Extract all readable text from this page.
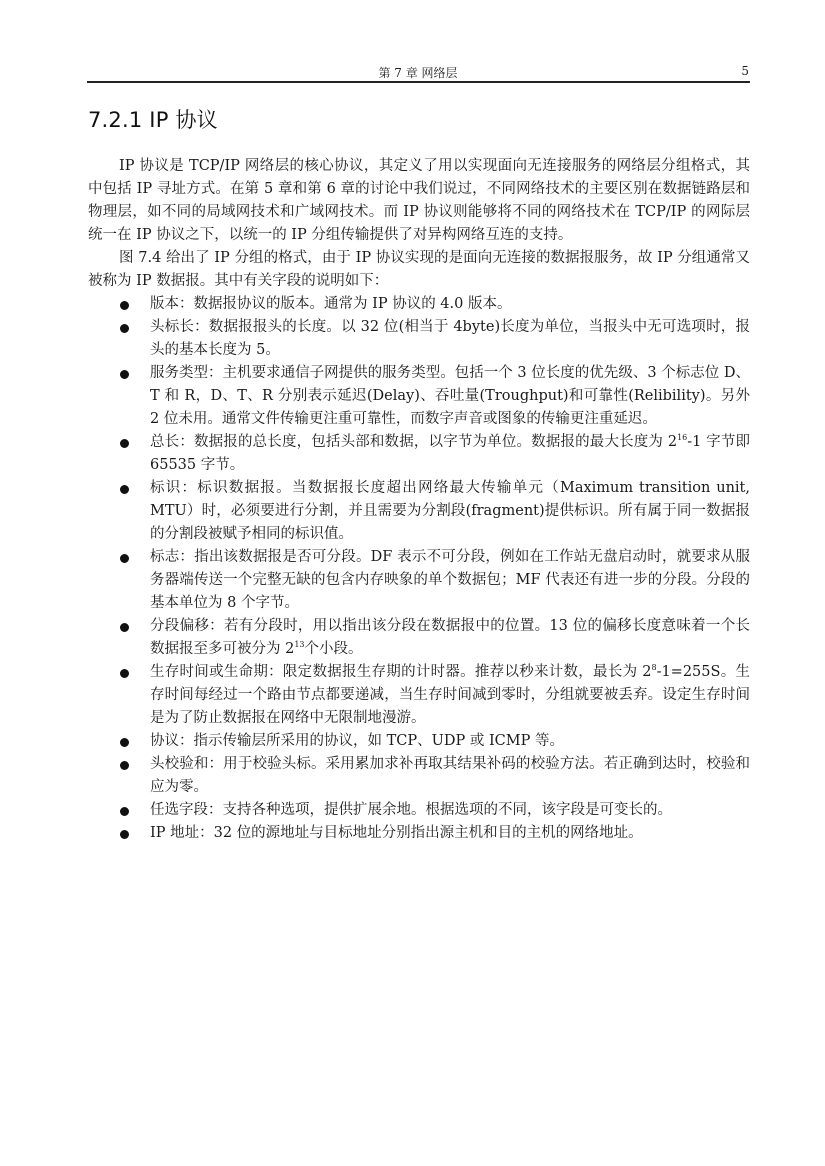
第 7 章 网络层	5
7.2.1 IP 协议

IP 协议是 TCP/IP 网络层的核心协议，其定义了用以实现面向无连接服务的网络层分组格式，其中包括 IP 寻址方式。在第 5 章和第 6 章的讨论中我们说过，不同网络技术的主要区别在数据链路层和物理层，如不同的局域网技术和广域网技术。而 IP 协议则能够将不同的网络技术在 TCP/IP 的网际层统一在 IP 协议之下，以统一的 IP 分组传输提供了对异构网络互连的支持。

图 7.4 给出了 IP 分组的格式，由于 IP 协议实现的是面向无连接的数据报服务，故 IP 分组通常又被称为 IP 数据报。其中有关字段的说明如下：

版本：数据报协议的版本。通常为 IP 协议的 4.0 版本。
头标长：数据报报头的长度。以 32 位(相当于 4byte)长度为单位，当报头中无可选项时，报头的基本长度为 5。
服务类型：主机要求通信子网提供的服务类型。包括一个 3 位长度的优先级、3 个标志位 D、T 和 R，D、T、R 分别表示延迟(Delay)、吞吐量(Troughput)和可靠性(Relibility)。另外 2 位未用。通常文件传输更注重可靠性，而数字声音或图象的传输更注重延迟。
总长：数据报的总长度，包括头部和数据，以字节为单位。数据报的最大长度为 $2^{16}-1$ 字节即 65535 字节。
标识：标识数据报。当数据报长度超出网络最大传输单元（Maximum transition unit, MTU）时，必须要进行分割，并且需要为分割段(fragment)提供标识。所有属于同一数据报的分割段被赋予相同的标识值。
标志：指出该数据报是否可分段。DF 表示不可分段，例如在工作站无盘启动时，就要求从服务器端传送一个完整无缺的包含内存映象的单个数据包；MF 代表还有进一步的分段。分段的基本单位为 8 个字节。
分段偏移：若有分段时，用以指出该分段在数据报中的位置。13 位的偏移长度意味着一个长数据报至多可被分为 $2^{13}$个小段。
生存时间或生命期：限定数据报生存期的计时器。推荐以秒来计数，最长为 $2^8-1=255S$。生存时间每经过一个路由节点都要递减，当生存时间减到零时，分组就要被丢弃。设定生存时间是为了防止数据报在网络中无限制地漫游。
协议：指示传输层所采用的协议，如 TCP、UDP 或 ICMP 等。
头校验和：用于校验头标。采用累加求补再取其结果补码的校验方法。若正确到达时，校验和应为零。
任选字段：支持各种选项，提供扩展余地。根据选项的不同，该字段是可变长的。
IP 地址：32 位的源地址与目标地址分别指出源主机和目的主机的网络地址。
